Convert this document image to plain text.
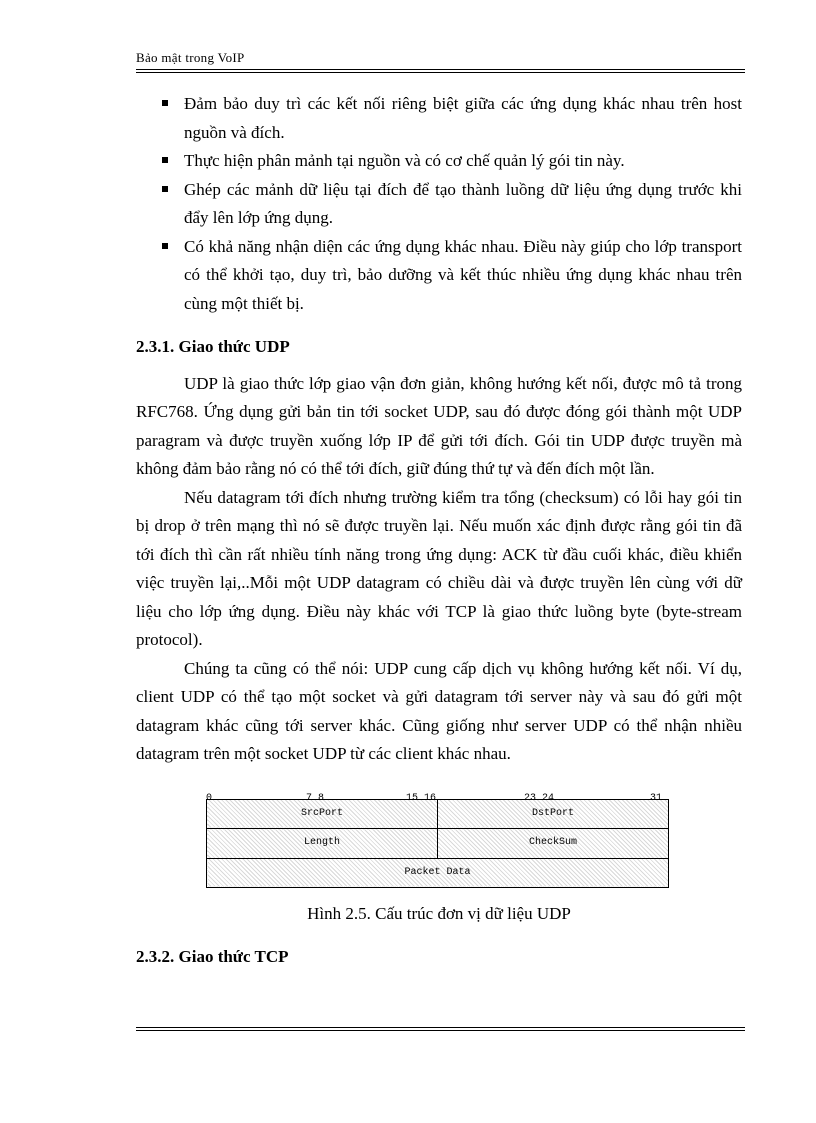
Bảo mật trong VoIP
Đảm bảo duy trì các kết nối riêng biệt giữa các ứng dụng khác nhau trên host nguồn và đích.
Thực hiện phân mảnh tại nguồn và có cơ chế quản lý gói tin này.
Ghép các mảnh dữ liệu tại đích để tạo thành luồng dữ liệu ứng dụng trước khi đẩy lên lớp ứng dụng.
Có khả năng nhận diện các ứng dụng khác nhau. Điều này giúp cho lớp transport có thể khởi tạo, duy trì, bảo dưỡng và kết thúc nhiều ứng dụng khác nhau trên cùng một thiết bị.
2.3.1. Giao thức UDP

UDP là giao thức lớp giao vận đơn giản, không hướng kết nối, được mô tả trong RFC768. Ứng dụng gửi bản tin tới socket UDP, sau đó được đóng gói thành một UDP paragram và được truyền xuống lớp IP để gửi tới đích. Gói tin UDP được truyền mà không đảm bảo rằng nó có thể tới đích, giữ đúng thứ tự và đến đích một lần.

Nếu datagram tới đích nhưng trường kiểm tra tổng (checksum) có lỗi hay gói tin bị drop ở trên mạng thì nó sẽ được truyền lại. Nếu muốn xác định được rằng gói tin đã tới đích thì cần rất nhiều tính năng trong ứng dụng: ACK từ đầu cuối khác, điều khiển việc truyền lại,..Mỗi một UDP datagram có chiều dài và được truyền lên cùng với dữ liệu cho lớp ứng dụng. Điều này khác với TCP là giao thức luồng byte (byte-stream protocol).

Chúng ta cũng có thể nói: UDP cung cấp dịch vụ không hướng kết nối. Ví dụ, client UDP có thể tạo một socket và gửi datagram tới server này và sau đó gửi một datagram khác cũng tới server khác. Cũng giống như server UDP có thể nhận nhiều datagram trên một socket UDP từ các client khác nhau.

0	7 8	15 16	23 24	31
SrcPort	DstPort
Length	CheckSum
Packet Data	
Hình 2.5. Cấu trúc đơn vị dữ liệu UDP
2.3.2. Giao thức TCP
